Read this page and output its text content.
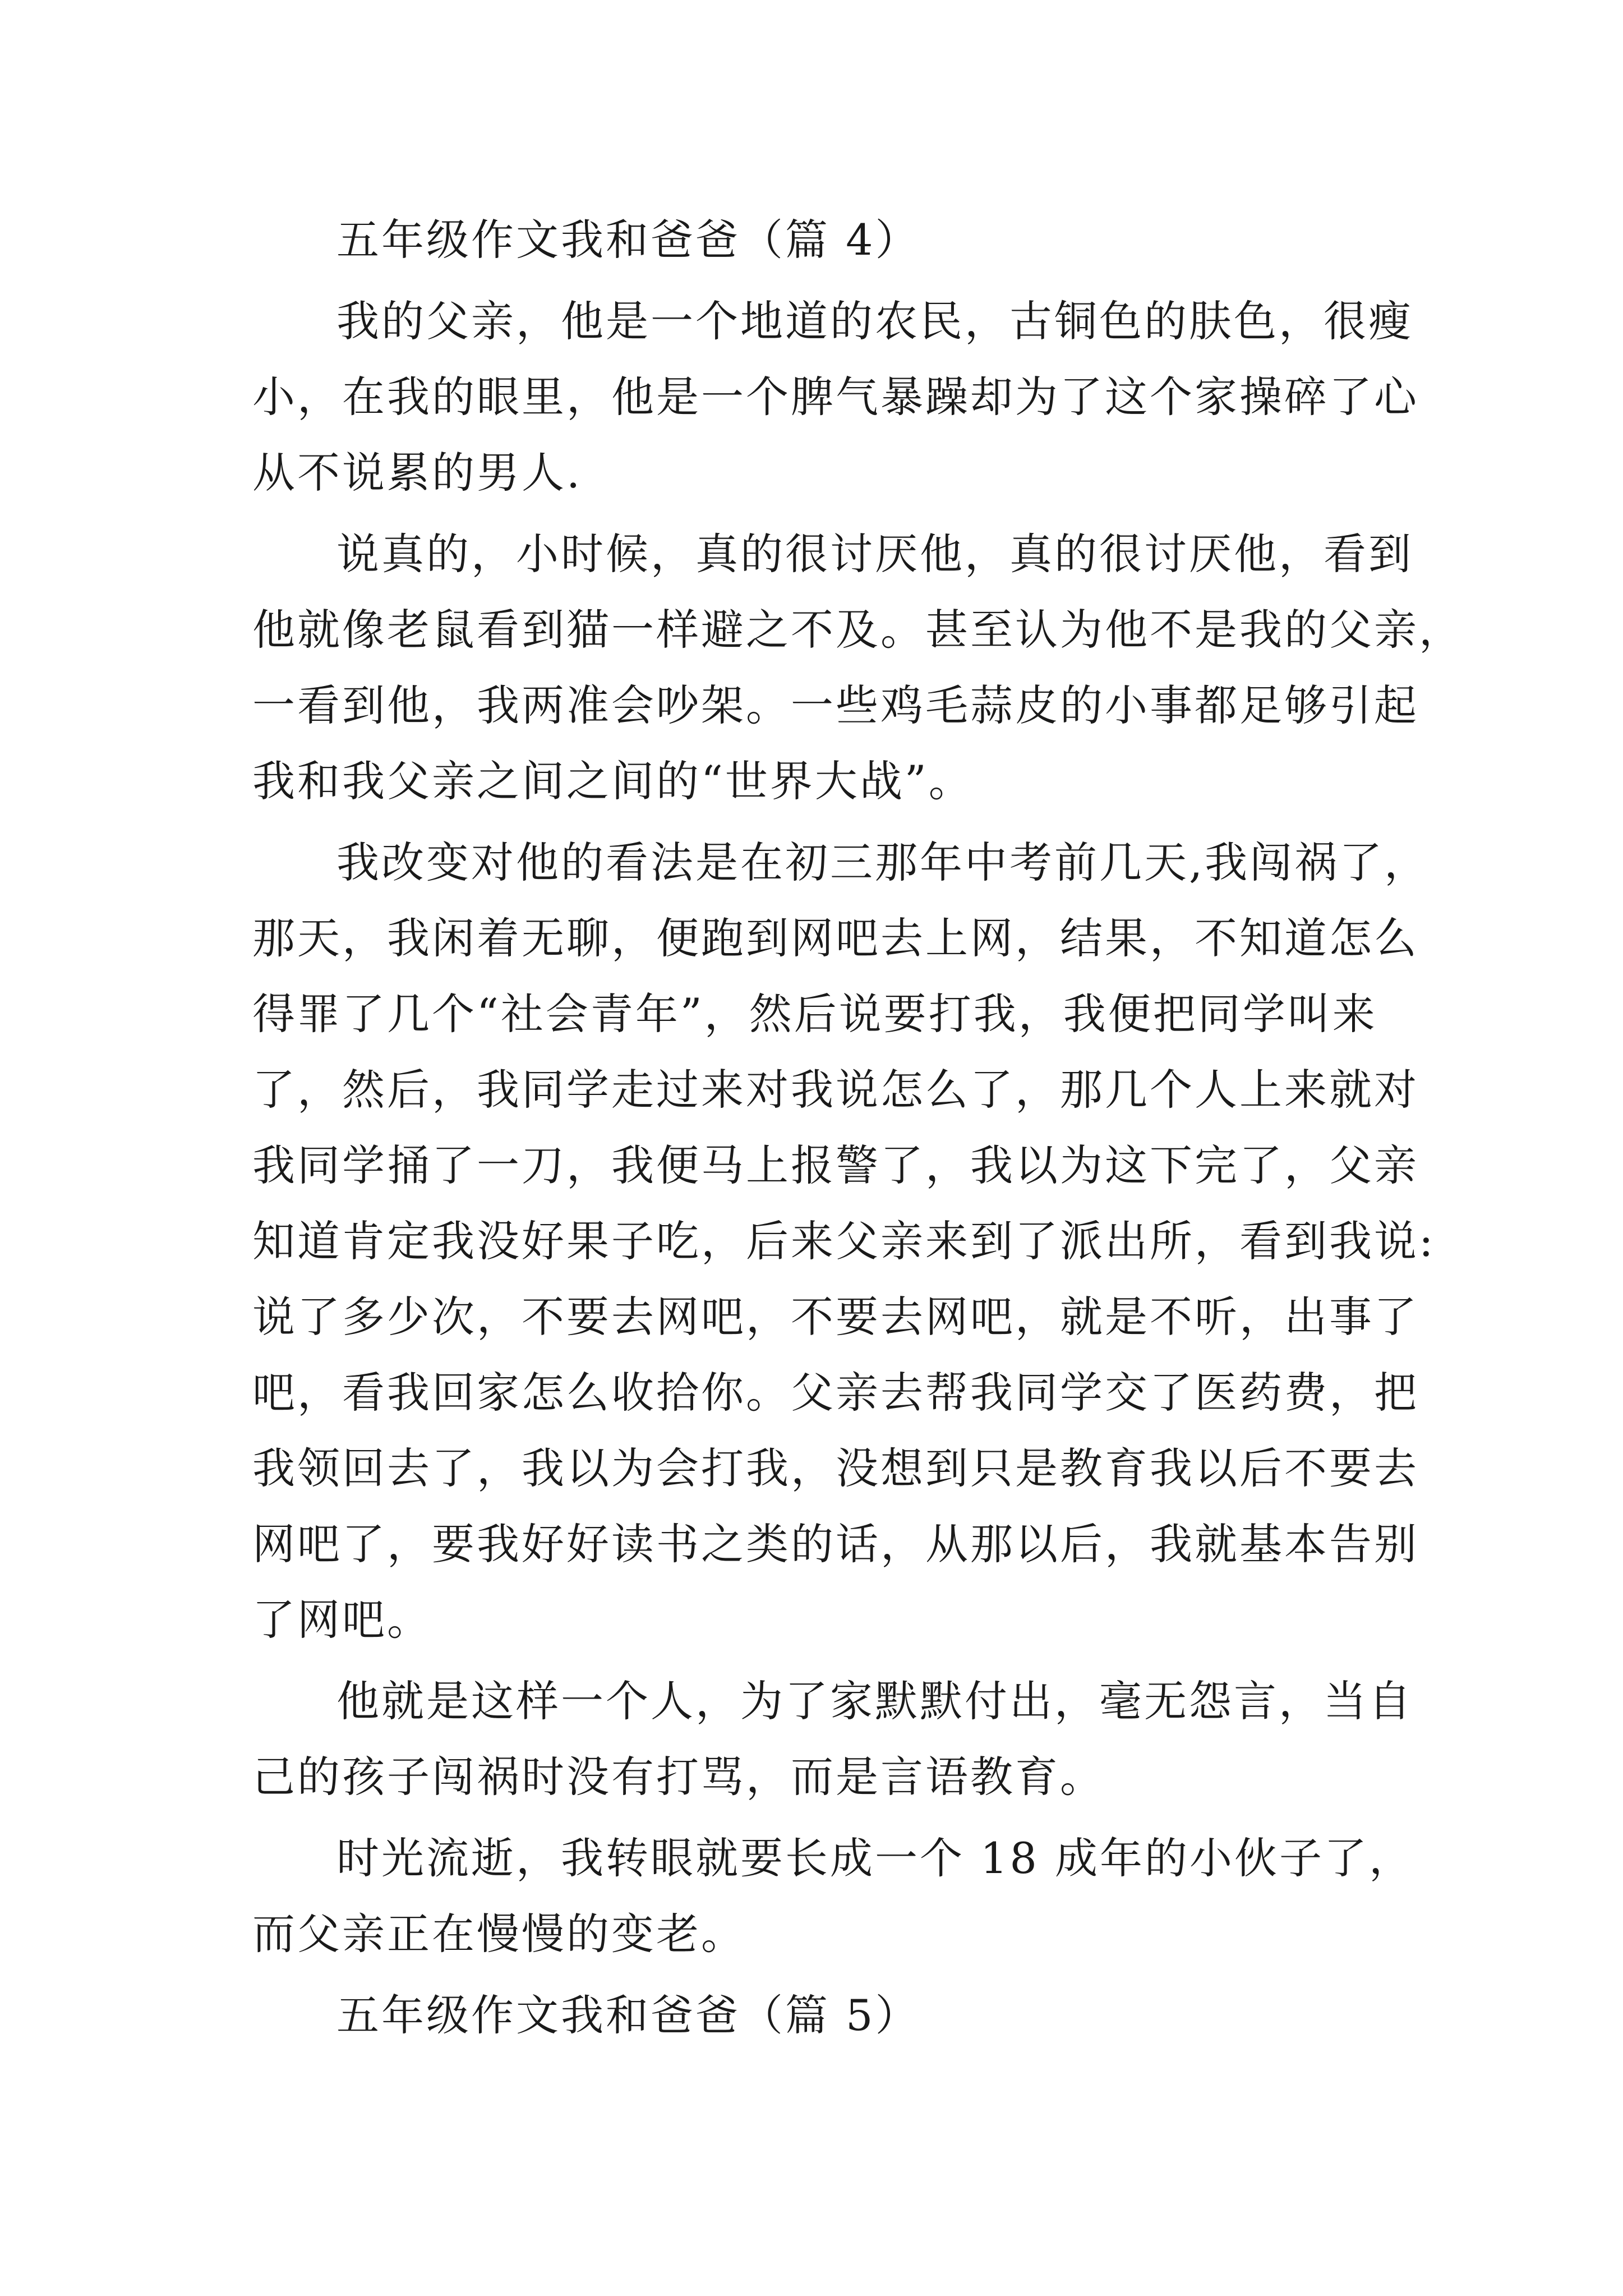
五年级作文我和爸爸（篇 4）
我的父亲，他是一个地道的农民，古铜色的肤色，很瘦
小，在我的眼里，他是一个脾气暴躁却为了这个家操碎了心
从不说累的男人.
说真的，小时候，真的很讨厌他，真的很讨厌他，看到
他就像老鼠看到猫一样避之不及。甚至认为他不是我的父亲，
一看到他，我两准会吵架。一些鸡毛蒜皮的小事都足够引起
我和我父亲之间之间的“世界大战”。
我改变对他的看法是在初三那年中考前几天,我闯祸了，
那天，我闲着无聊，便跑到网吧去上网，结果，不知道怎么
得罪了几个“社会青年”，然后说要打我，我便把同学叫来
了，然后，我同学走过来对我说怎么了，那几个人上来就对
我同学捅了一刀，我便马上报警了，我以为这下完了，父亲
知道肯定我没好果子吃，后来父亲来到了派出所，看到我说:
说了多少次，不要去网吧，不要去网吧，就是不听，出事了
吧，看我回家怎么收拾你。父亲去帮我同学交了医药费，把
我领回去了，我以为会打我，没想到只是教育我以后不要去
网吧了，要我好好读书之类的话，从那以后，我就基本告别
了网吧。
他就是这样一个人，为了家默默付出，毫无怨言，当自
己的孩子闯祸时没有打骂，而是言语教育。
时光流逝，我转眼就要长成一个 18 成年的小伙子了，
而父亲正在慢慢的变老。
五年级作文我和爸爸（篇 5）
